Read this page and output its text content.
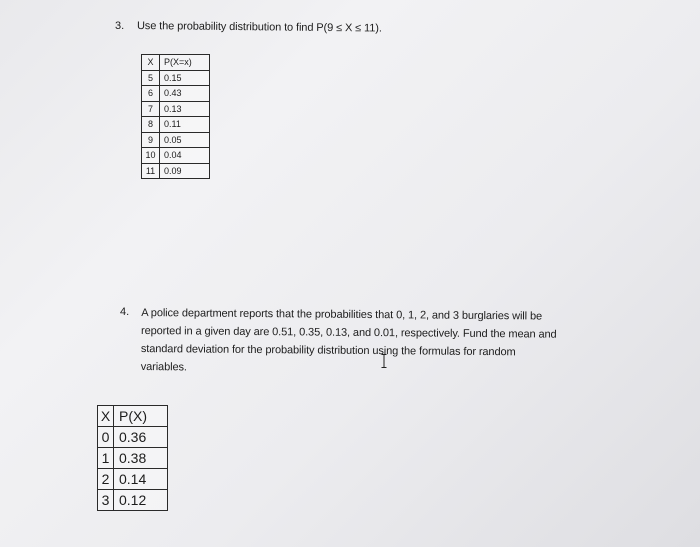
3. Use the probability distribution to find P(9 ≤ X ≤ 11).
X	P(X=x)
5	0.15
6	0.43
7	0.13
8	0.11
9	0.05
10	0.04
11	0.09
4. A police department reports that the probabilities that 0, 1, 2, and 3 burglaries will be
reported in a given day are 0.51, 0.35, 0.13, and 0.01, respectively. Fund the mean and
standard deviation for the probability distribution using the formulas for random
variables.
X	P(X)
0	0.36
1	0.38
2	0.14
3	0.12
